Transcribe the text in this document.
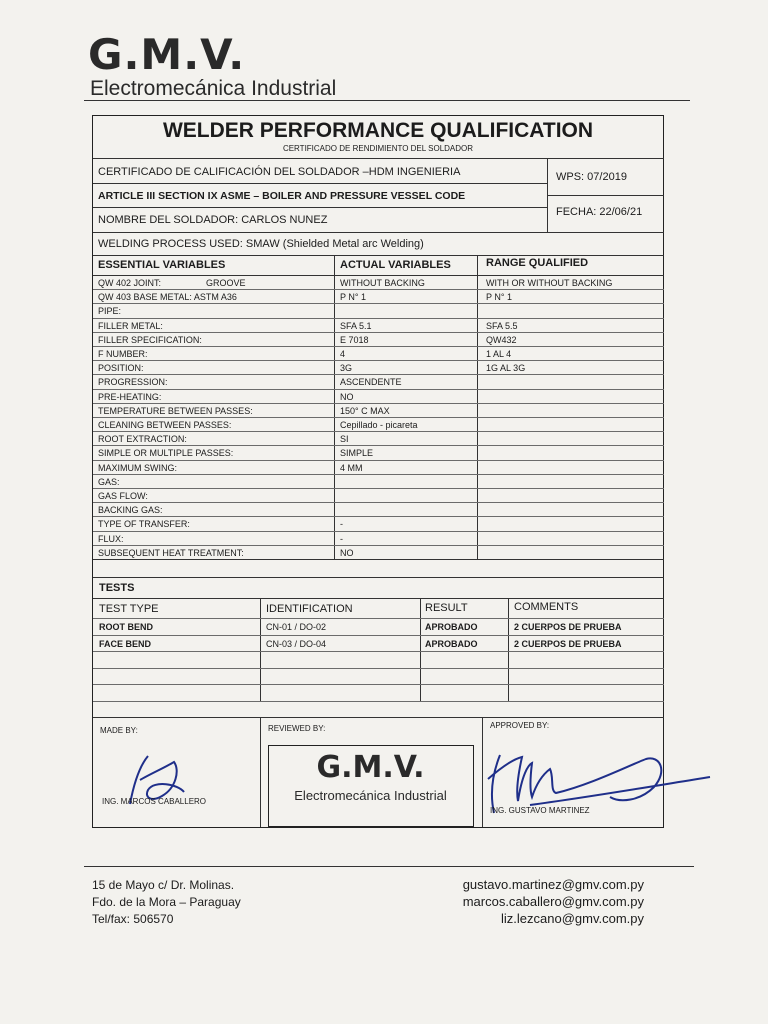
G.M.V.
Electromecánica Industrial
WELDER PERFORMANCE QUALIFICATION
CERTIFICADO DE RENDIMIENTO DEL SOLDADOR
CERTIFICADO DE CALIFICACIÓN DEL SOLDADOR –HDM INGENIERIA
ARTICLE III SECTION IX ASME – BOILER AND PRESSURE VESSEL CODE
NOMBRE DEL SOLDADOR: CARLOS NUNEZ
WPS: 07/2019
FECHA: 22/06/21
WELDING PROCESS USED: SMAW (Shielded Metal arc Welding)
ESSENTIAL VARIABLES	ACTUAL VARIABLES	RANGE QUALIFIED
QW 402 JOINT:	GROOVE	WITHOUT BACKING	WITH OR WITHOUT BACKING
QW 403 BASE METAL: ASTM A36	P N° 1	P N° 1
PIPE:
FILLER METAL:	SFA 5.1	SFA 5.5
FILLER SPECIFICATION:	E 7018	QW432
F NUMBER:	4	1 AL 4
POSITION:	3G	1G AL 3G
PROGRESSION:	ASCENDENTE
PRE-HEATING:	NO
TEMPERATURE BETWEEN PASSES:	150° C MAX
CLEANING BETWEEN PASSES:	Cepillado - picareta
ROOT EXTRACTION:	SI
SIMPLE OR MULTIPLE PASSES:	SIMPLE
MAXIMUM SWING:	4 MM
GAS:
GAS FLOW:
BACKING GAS:
TYPE OF TRANSFER:	-
FLUX:	-
SUBSEQUENT HEAT TREATMENT:	NO
TESTS
TEST TYPE	IDENTIFICATION	RESULT	COMMENTS
ROOT BEND	CN-01 / DO-02	APROBADO	2 CUERPOS DE PRUEBA
FACE BEND	CN-03 / DO-04	APROBADO	2 CUERPOS DE PRUEBA
MADE BY:	REVIEWED BY:	APPROVED BY:
ING. MARCOS CABALLERO
G.M.V.
Electromecánica Industrial
ING. GUSTAVO MARTINEZ
15 de Mayo c/ Dr. Molinas.
Fdo. de la Mora – Paraguay
Tel/fax: 506570
gustavo.martinez@gmv.com.py
marcos.caballero@gmv.com.py
liz.lezcano@gmv.com.py
